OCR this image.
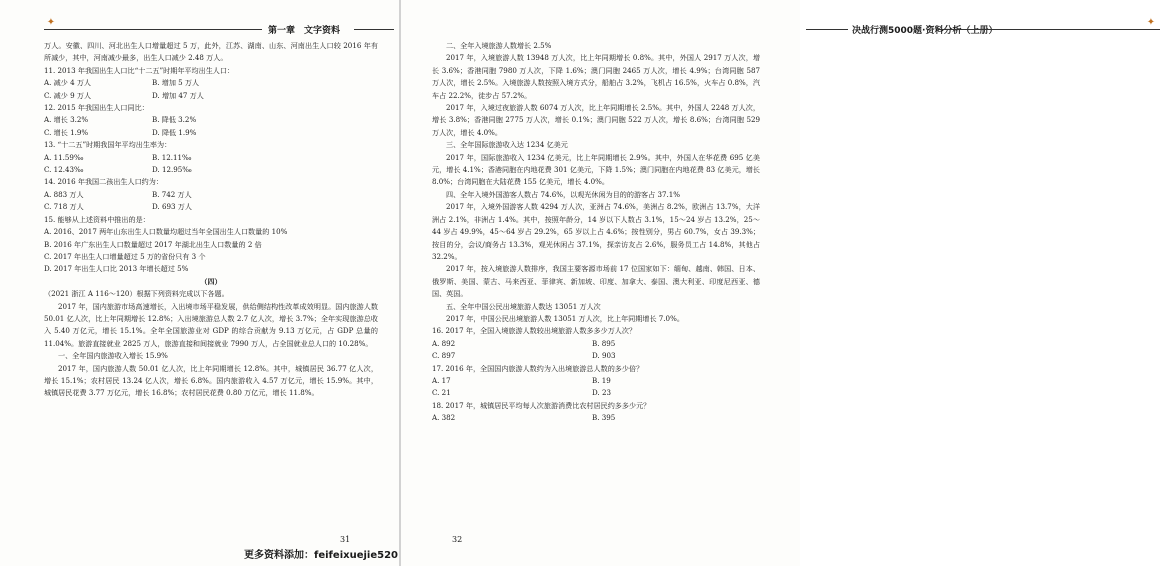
✦
第一章　文字资料

万人。安徽、四川、河北出生人口增量超过 5 万，此外，江苏、湖南、山东、河南出生人口较 2016 年有所减少，其中，河南减少最多，出生人口减少 2.48 万人。

11. 2013 年我国出生人口比“十二五”时期年平均出生人口：

A. 减少 4 万人	B. 增加 5 万人
C. 减少 9 万人	D. 增加 47 万人

12. 2015 年我国出生人口同比：

A. 增长 3.2%	B. 降低 3.2%
C. 增长 1.9%	D. 降低 1.9%

13. “十二五”时期我国年平均出生率为：

A. 11.59‰	B. 12.11‰
C. 12.43‰	D. 12.95‰

14. 2016 年我国二孩出生人口约为：

A. 883 万人	B. 742 万人
C. 718 万人	D. 693 万人

15. 能够从上述资料中推出的是：

A. 2016、2017 两年山东出生人口数量均超过当年全国出生人口数量的 10%

B. 2016 年广东出生人口数量超过 2017 年湖北出生人口数量的 2 倍

C. 2017 年出生人口增量超过 5 万的省份只有 3 个

D. 2017 年出生人口比 2013 年增长超过 5%

（四）

（2021 浙江 A 116～120）根据下列资料完成以下各题。

2017 年，国内旅游市场高速增长，入出境市场平稳发展，供给侧结构性改革成效明显。国内旅游人数 50.01 亿人次，比上年同期增长 12.8%；入出境旅游总人数 2.7 亿人次，增长 3.7%；全年实现旅游总收入 5.40 万亿元，增长 15.1%。全年全国旅游业对 GDP 的综合贡献为 9.13 万亿元，占 GDP 总量的 11.04%。旅游直接就业 2825 万人，旅游直接和间接就业 7990 万人，占全国就业总人口的 10.28%。

一、全年国内旅游收入增长 15.9%

2017 年，国内旅游人数 50.01 亿人次，比上年同期增长 12.8%。其中，城镇居民 36.77 亿人次，增长 15.1%；农村居民 13.24 亿人次，增长 6.8%。国内旅游收入 4.57 万亿元，增长 15.9%。其中，城镇居民花费 3.77 万亿元，增长 16.8%；农村居民花费 0.80 万亿元，增长 11.8%。

31
决战行测5000题·资料分析（上册）
✦

二、全年入境旅游人数增长 2.5%

2017 年，入境旅游人数 13948 万人次，比上年同期增长 0.8%。其中，外国人 2917 万人次，增长 3.6%；香港同胞 7980 万人次，下降 1.6%；澳门同胞 2465 万人次，增长 4.9%；台湾同胞 587 万人次，增长 2.5%。入境旅游人数按照入境方式分，船舶占 3.2%，飞机占 16.5%，火车占 0.8%，汽车占 22.2%，徒步占 57.2%。

2017 年，入境过夜旅游人数 6074 万人次，比上年同期增长 2.5%。其中，外国人 2248 万人次，增长 3.8%；香港同胞 2775 万人次，增长 0.1%；澳门同胞 522 万人次，增长 8.6%；台湾同胞 529 万人次，增长 4.0%。

三、全年国际旅游收入达 1234 亿美元

2017 年，国际旅游收入 1234 亿美元，比上年同期增长 2.9%。其中，外国人在华花费 695 亿美元，增长 4.1%；香港同胞在内地花费 301 亿美元，下降 1.5%；澳门同胞在内地花费 83 亿美元，增长 8.0%；台湾同胞在大陆花费 155 亿美元，增长 4.0%。

四、全年入境外国游客人数占 74.6%，以观光休闲为目的的游客占 37.1%

2017 年，入境外国游客人数 4294 万人次，亚洲占 74.6%，美洲占 8.2%，欧洲占 13.7%，大洋洲占 2.1%，非洲占 1.4%。其中，按照年龄分，14 岁以下人数占 3.1%，15～24 岁占 13.2%，25～44 岁占 49.9%，45～64 岁占 29.2%，65 岁以上占 4.6%；按性别分，男占 60.7%，女占 39.3%；按目的分，会议/商务占 13.3%，观光休闲占 37.1%，探亲访友占 2.6%，服务员工占 14.8%，其他占 32.2%。

2017 年，按入境旅游人数排序，我国主要客源市场前 17 位国家如下：缅甸、越南、韩国、日本、俄罗斯、美国、蒙古、马来西亚、菲律宾、新加坡、印度、加拿大、泰国、澳大利亚、印度尼西亚、德国、英国。

五、全年中国公民出境旅游人数达 13051 万人次

2017 年，中国公民出境旅游人数 13051 万人次，比上年同期增长 7.0%。

16. 2017 年，全国入境旅游人数较出境旅游人数多多少万人次？

A. 892	B. 895
C. 897	D. 903

17. 2016 年，全国国内旅游人数约为入出境旅游总人数的多少倍？

A. 17	B. 19
C. 21	D. 23

18. 2017 年，城镇居民平均每人次旅游消费比农村居民约多多少元？

A. 382	B. 395
32
更多资料添加：feifeixuejie520
